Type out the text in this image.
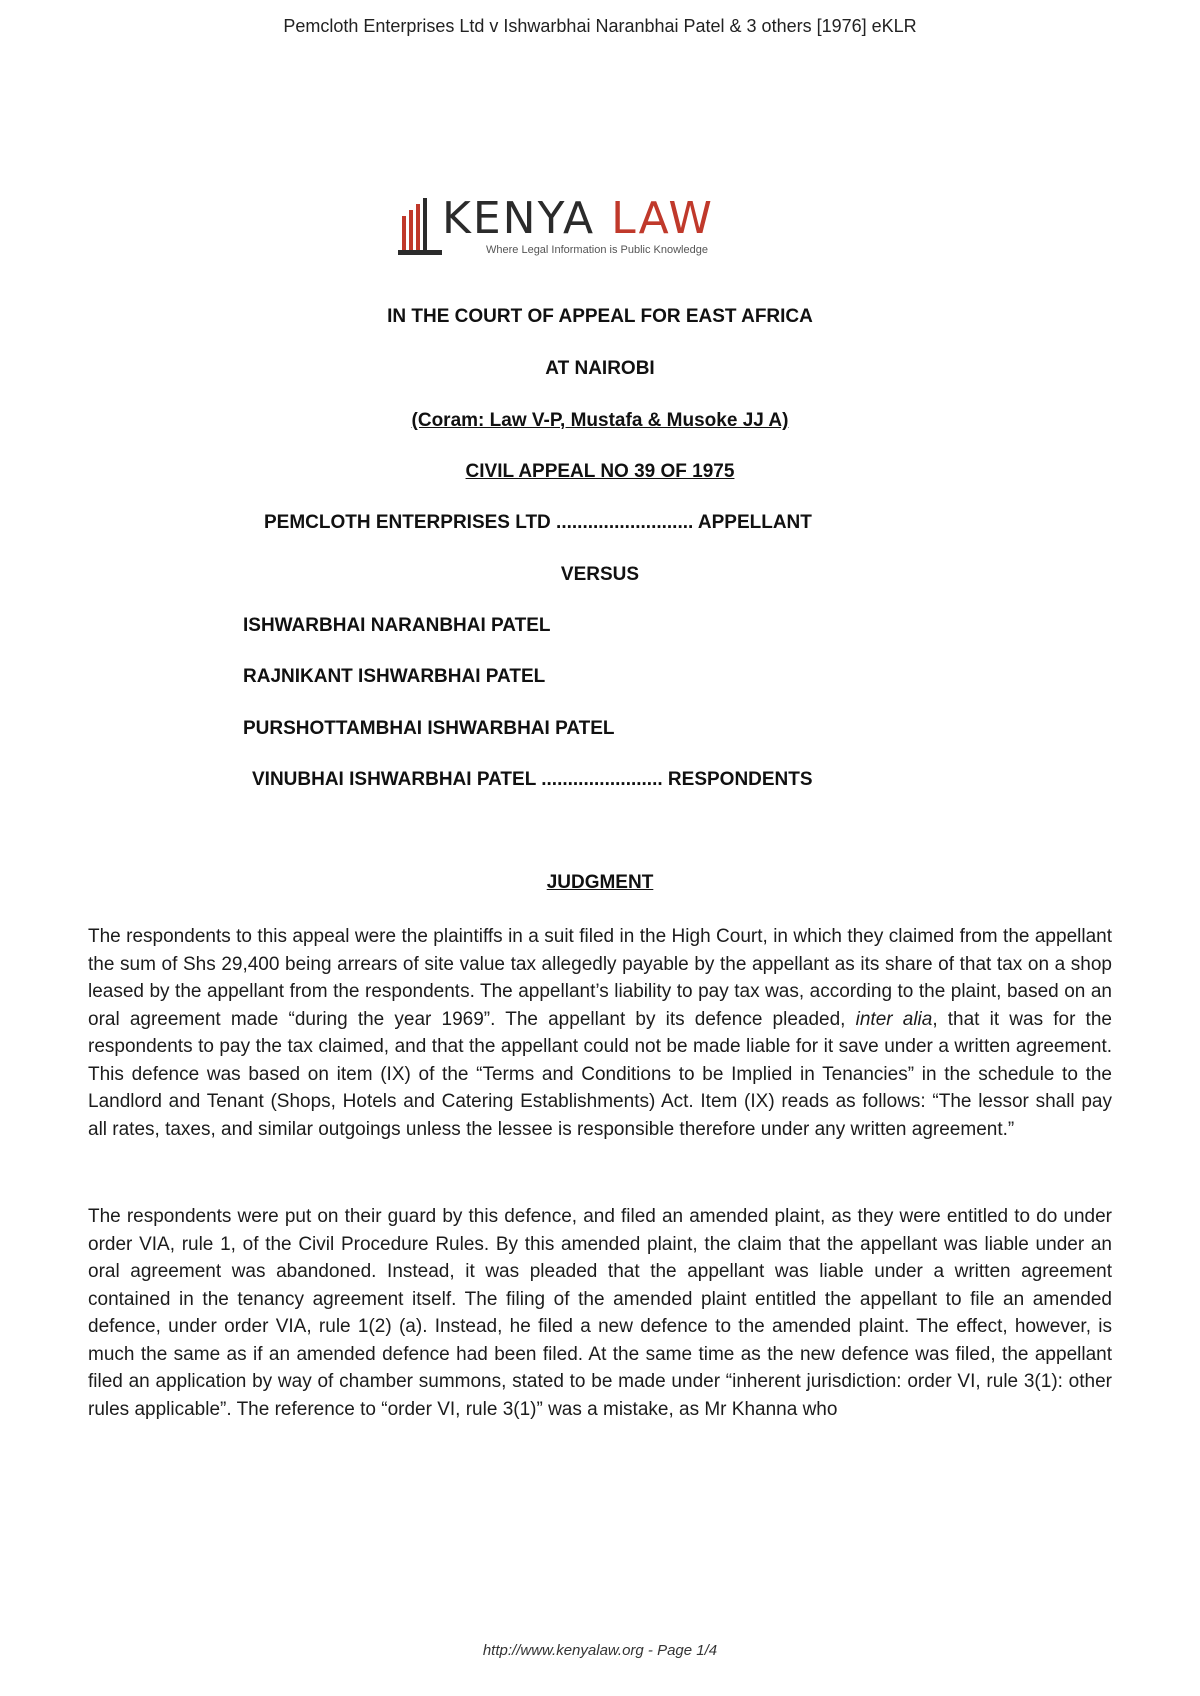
Pemcloth Enterprises Ltd v Ishwarbhai Naranbhai Patel & 3 others [1976] eKLR
KENYA LAW
Where Legal Information is Public Knowledge

IN THE COURT OF APPEAL FOR EAST AFRICA

AT NAIROBI

(Coram: Law V-P, Mustafa & Musoke JJ A)

CIVIL APPEAL NO 39 OF 1975

PEMCLOTH ENTERPRISES LTD .......................... APPELLANT

VERSUS

ISHWARBHAI NARANBHAI PATEL

RAJNIKANT ISHWARBHAI PATEL

PURSHOTTAMBHAI ISHWARBHAI PATEL

VINUBHAI ISHWARBHAI PATEL ....................... RESPONDENTS

JUDGMENT

The respondents to this appeal were the plaintiffs in a suit filed in the High Court, in which they claimed from the appellant the sum of Shs 29,400 being arrears of site value tax allegedly payable by the appellant as its share of that tax on a shop leased by the appellant from the respondents. The appellant’s liability to pay tax was, according to the plaint, based on an oral agreement made “during the year 1969”. The appellant by its defence pleaded, inter alia, that it was for the respondents to pay the tax claimed, and that the appellant could not be made liable for it save under a written agreement. This defence was based on item (IX) of the “Terms and Conditions to be Implied in Tenancies” in the schedule to the Landlord and Tenant (Shops, Hotels and Catering Establishments) Act. Item (IX) reads as follows: “The lessor shall pay all rates, taxes, and similar outgoings unless the lessee is responsible therefore under any written agreement.”

The respondents were put on their guard by this defence, and filed an amended plaint, as they were entitled to do under order VIA, rule 1, of the Civil Procedure Rules. By this amended plaint, the claim that the appellant was liable under an oral agreement was abandoned. Instead, it was pleaded that the appellant was liable under a written agreement contained in the tenancy agreement itself. The filing of the amended plaint entitled the appellant to file an amended defence, under order VIA, rule 1(2) (a). Instead, he filed a new defence to the amended plaint. The effect, however, is much the same as if an amended defence had been filed. At the same time as the new defence was filed, the appellant filed an application by way of chamber summons, stated to be made under “inherent jurisdiction: order VI, rule 3(1): other rules applicable”. The reference to “order VI, rule 3(1)” was a mistake, as Mr Khanna who

http://www.kenyalaw.org - Page 1/4
